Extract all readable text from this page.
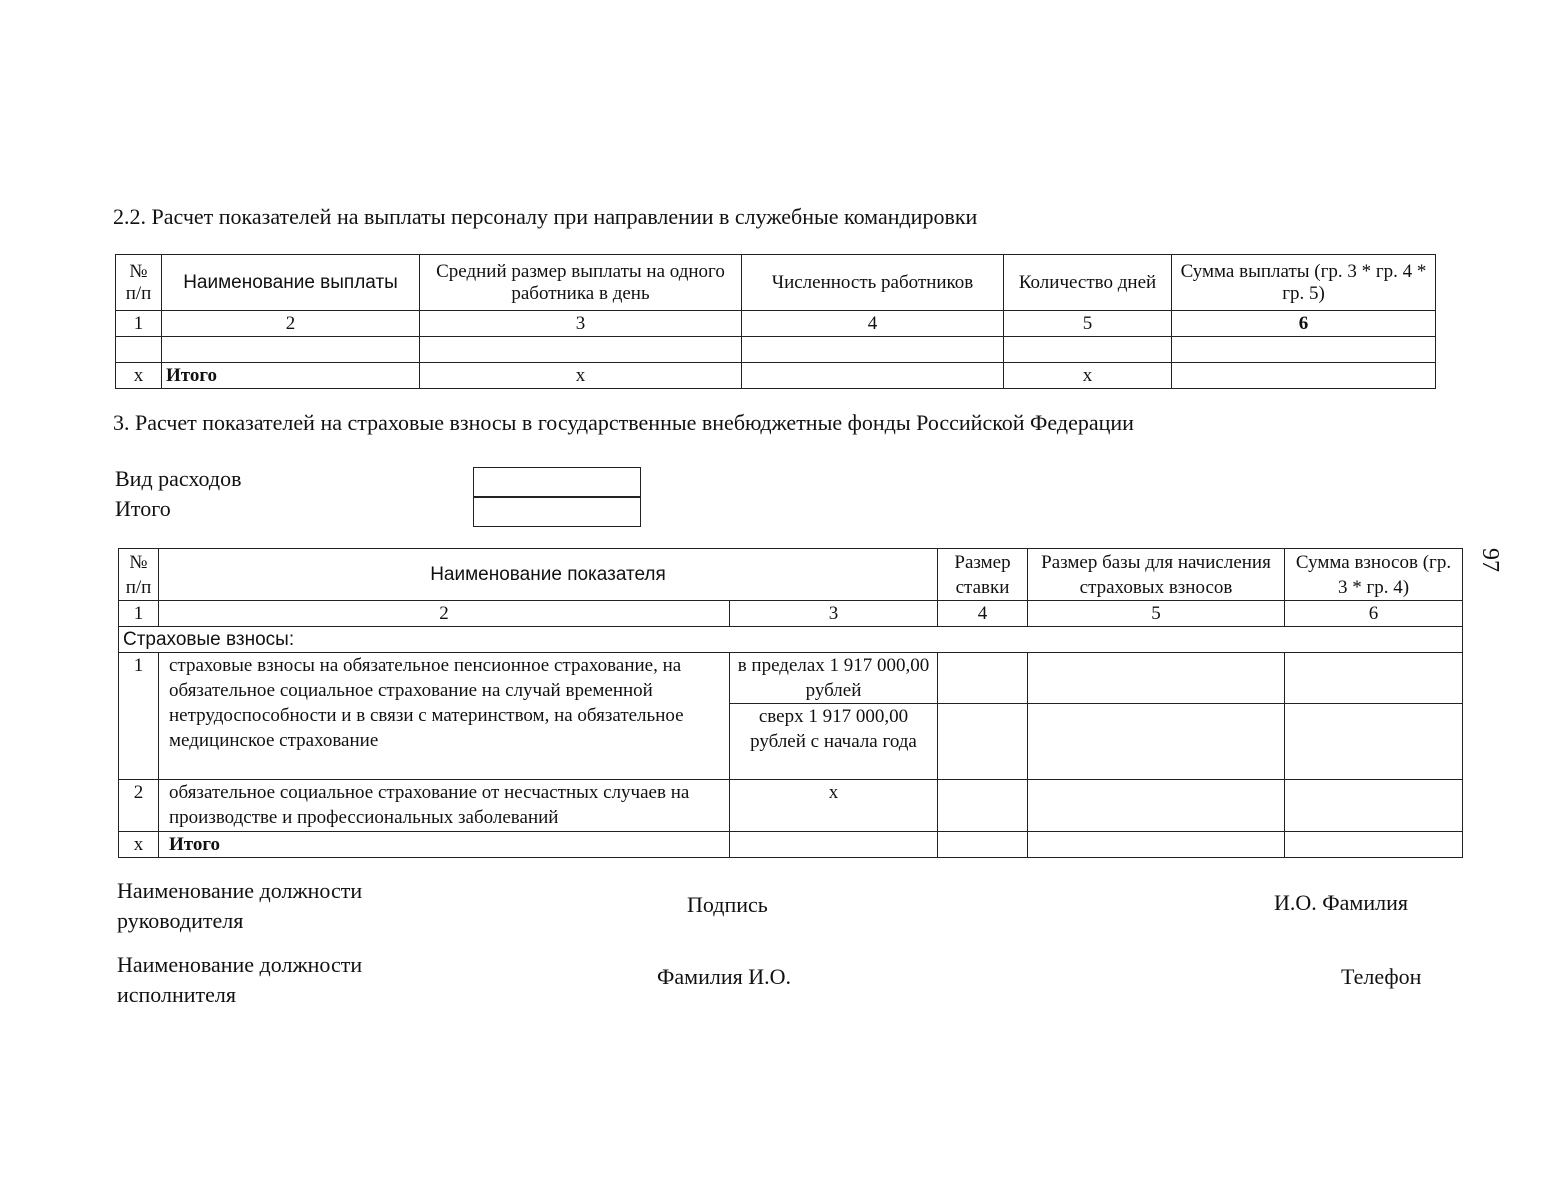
2.2. Расчет показателей на выплаты персоналу при направлении в служебные командировки
№ п/п	Наименование выплаты	Средний размер выплаты на одного работника в день	Численность работников	Количество дней	Сумма выплаты (гр. 3 * гр. 4 * гр. 5)
1	2	3	4	5	6

х	Итого	х		х	
3. Расчет показателей на страховые взносы в государственные внебюджетные фонды Российской Федерации
Вид расходов
Итого
№ п/п	Наименование показателя		Размер ставки	Размер базы для начисления страховых взносов	Сумма взносов (гр. 3 * гр. 4)
1	2	3	4	5	6
Страховые взносы:					
1	страховые взносы на обязательное пенсионное страхование, на обязательное социальное страхование на случай временной нетрудоспособности и в связи с материнством, на обязательное медицинское страхование	в пределах 1 917 000,00 рублей			
		сверх 1 917 000,00 рублей с начала года			
2	обязательное социальное страхование от несчастных случаев на производстве и профессиональных заболеваний	х			
х	Итого				
Наименование должности руководителя
Подпись	И.О. Фамилия
Наименование должности исполнителя
Фамилия И.О.	Телефон
97
